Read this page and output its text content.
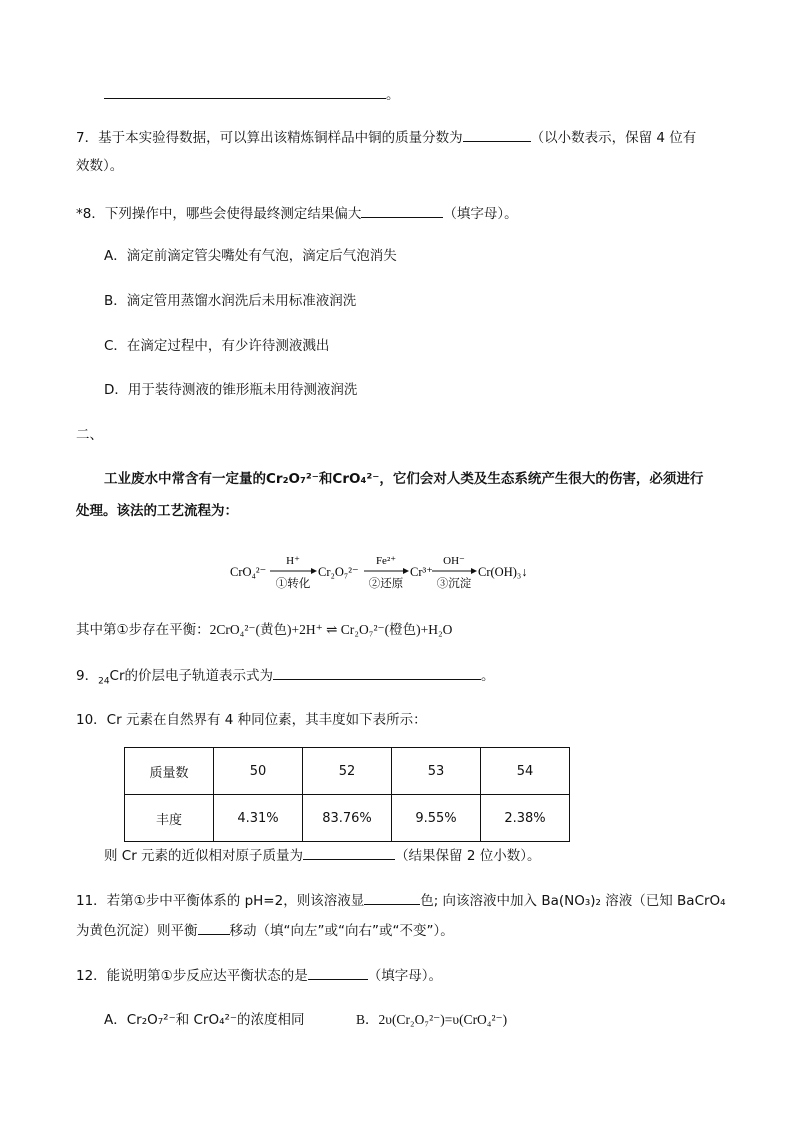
。
7．基于本实验得数据，可以算出该精炼铜样品中铜的质量分数为	（以小数表示，保留 4 位有
效数）。
*8．下列操作中，哪些会使得最终测定结果偏大	（填字母）。
A．滴定前滴定管尖嘴处有气泡，滴定后气泡消失
B．滴定管用蒸馏水润洗后未用标准液润洗
C．在滴定过程中，有少许待测液溅出
D．用于装待测液的锥形瓶未用待测液润洗
二、
工业废水中常含有一定量的Cr₂O₇²⁻和CrO₄²⁻，它们会对人类及生态系统产生很大的伤害，必须进行
处理。该法的工艺流程为：
CrO₄²⁻
H⁺
①转化
Cr₂O₇²⁻
Fe²⁺
②还原
Cr³⁺
OH⁻
③沉淀
Cr(OH)₃↓
其中第①步存在平衡：2CrO₄²⁻(黄色)+2H⁺ ⇌ Cr₂O₇²⁻(橙色)+H₂O
9．$_{24}$Cr的价层电子轨道表示式为	。
10．Cr 元素在自然界有 4 种同位素，其丰度如下表所示：
质量数	50	52	53	54
丰度	4.31%	83.76%	9.55%	2.38%
则 Cr 元素的近似相对原子质量为	（结果保留 2 位小数）。
11．若第①步中平衡体系的 pH=2，则该溶液显	色; 向该溶液中加入 Ba(NO₃)₂ 溶液（已知 BaCrO₄
为黄色沉淀）则平衡 移动（填“向左”或“向右”或“不变”）。
12．能说明第①步反应达平衡状态的是	（填字母）。
A．Cr₂O₇²⁻和 CrO₄²⁻的浓度相同	B．2υ(Cr₂O₇²⁻)=υ(CrO₄²⁻)
